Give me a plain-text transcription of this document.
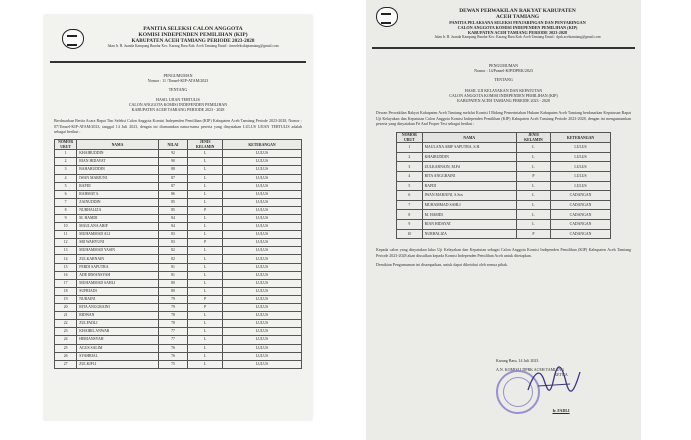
PANITIA SELEKSI CALON ANGGOTA
KOMISI INDEPENDEN PEMILIHAN (KIP)
KABUPATEN ACEH TAMIANG PERIODE 2023-2028
Jalan Ir. H. Juanda Kampung Bundar Kec. Karang Baru Kab. Aceh Tamiang Email : timseleksikiptamiang@gmail.com
PENGUMUMAN
Nomor : 11 /Timsel-KIP-ATAM/2023
TENTANG
HASIL UJIAN TERTULIS
CALON ANGGOTA KOMISI INDEPENDEN PEMILIHAN
KABUPATEN ACEH TAMIANG PERIODE 2023 - 2028
Berdasarkan Berita Acara Rapat Tim Seleksi Calon Anggota Komisi Independen Pemilihan (KIP) Kabupaten Aceh Tamiang Periode 2023-2028, Nomor : 07/Timsel-KIP-ATAM/2023, tanggal 14 Juli 2023, dengan ini diumumkan nama-nama peserta yang dinyatakan LULUS UJIAN TERTULIS adalah sebagai berikut :
NOMOR URUT	NAMA	NILAI	JENIS KELAMIN	KETERANGAN
1	KHAIRUDDIN	92	L	LULUS
2	RIAN HIDAYAT	90	L	LULUS
3	BAHARUDDIN	88	L	LULUS
4	IWAN MARJUNI	87	L	LULUS
5	RAFDI	87	L	LULUS
6	RAHMAT S.	86	L	LULUS
7	ZAINUDDIN	85	L	LULUS
8	NURHALIZA	85	P	LULUS
9	M. HAMDI	84	L	LULUS
10	MAULANA ARIF	84	L	LULUS
11	MUHAMMAD ALI	83	L	LULUS
12	SRI WAHYUNI	83	P	LULUS
13	MUHAMMAD YASIN	82	L	LULUS
14	ZULKARNAIN	82	L	LULUS
15	FERDI SAPUTRA	81	L	LULUS
16	ADE IRWANSYAH	81	L	LULUS
17	MUHAMMAD SAHLI	80	L	LULUS
18	SUFRIADI	80	L	LULUS
19	NURAINI	79	P	LULUS
20	RITA ANGGRAINI	79	P	LULUS
21	RIDWAN	78	L	LULUS
22	ZULFADLI	78	L	LULUS
23	KHAIRIL ANWAR	77	L	LULUS
24	HERIANSYAH	77	L	LULUS
25	AGUS SALIM	76	L	LULUS
26	SYAHRIAL	76	L	LULUS
27	ZULKIFLI	75	L	LULUS
DEWAN PERWAKILAN RAKYAT KABUPATEN
ACEH TAMIANG
PANITIA PELAKSANA SELEKSI PENJARINGAN DAN PENYARINGAN
CALON ANGGOTA KOMISI INDEPENDEN PEMILIHAN (KIP)
KABUPATEN ACEH TAMIANG PERIODE 2023-2028
Jalan Ir. H. Juanda Kampung Bundar Kec. Karang Baru Kab. Aceh Tamiang Email : dprk.acehtamiang@gmail.com
PENGUMUMAN
Nomor : 14/Pansel-KIP/DPRK/2023
TENTANG
HASIL UJI KELAYAKAN DAN KEPATUTAN
CALON ANGGOTA KOMISI INDEPENDEN PEMILIHAN (KIP)
KABUPATEN ACEH TAMIANG PERIODE 2023 - 2028
Dewan Perwakilan Rakyat Kabupaten Aceh Tamiang melalui Komisi I Bidang Pemerintahan Hukum Kabupaten Aceh Tamiang berdasarkan Keputusan Rapat Uji Kelayakan dan Kepatutan Calon Anggota Komisi Independen Pemilihan (KIP) Kabupaten Aceh Tamiang Periode 2023-2028, dengan ini mengumumkan peserta yang dinyatakan Fit And Proper Test sebagai berikut :
NOMOR URUT	NAMA	JENIS KELAMIN	KETERANGAN
1	MAULANA ARIF SAPUTRA, S.H.	L	LULUS
2	KHAIRUDDIN	L	LULUS
3	ZULKARNAIN, M.Pd	L	LULUS
4	RITA ANGGRAINI	P	LULUS
5	RAFDI	L	LULUS
6	IWAN MARJUNI, S.Sos	L	CADANGAN
7	MUHAMMAD SAHLI	L	CADANGAN
8	M. HAMDI	L	CADANGAN
9	RIAN HIDAYAT	L	CADANGAN
10	NURHALIZA	P	CADANGAN
Kepada calon yang dinyatakan lulus Uji Kelayakan dan Kepatutan sebagai Calon Anggota Komisi Independen Pemilihan (KIP) Kabupaten Aceh Tamiang Periode 2023-2028 akan diusulkan kepada Komisi Independen Pemilihan Aceh untuk ditetapkan.
Demikian Pengumuman ini disampaikan, untuk dapat diketahui oleh semua pihak.
Karang Baru, 14 Juli 2023
A.N. KOMISI I DPRK ACEH TAMIANG
KETUA
Ir. FADLI
